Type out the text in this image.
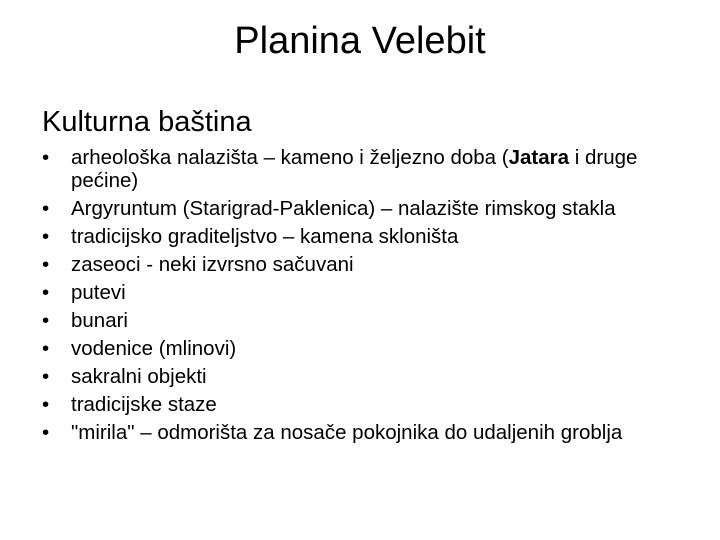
Planina Velebit
Kulturna baština
• arheološka nalazišta – kameno i željezno doba (Jatara i druge pećine)
• Argyruntum (Starigrad-Paklenica) – nalazište rimskog stakla
• tradicijsko graditeljstvo – kamena skloništa
• zaseoci - neki izvrsno sačuvani
• putevi
• bunari
• vodenice (mlinovi)
• sakralni objekti
• tradicijske staze
• "mirila" – odmorišta za nosače pokojnika do udaljenih groblja
